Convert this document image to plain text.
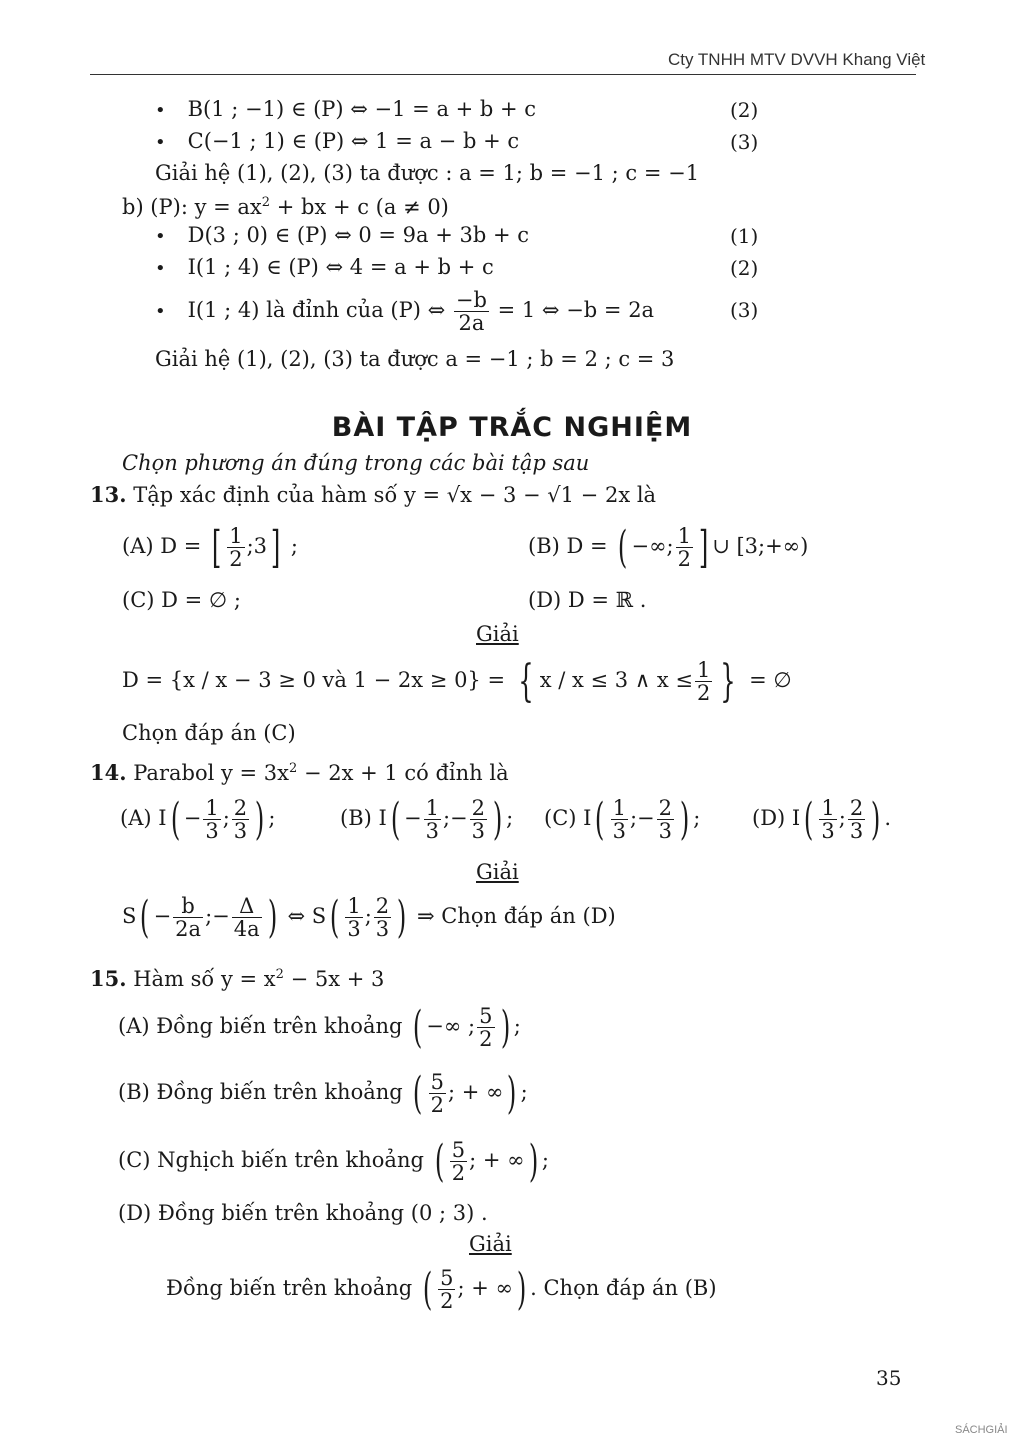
Cty TNHH MTV DVVH Khang Việt
• B(1 ; −1) ∈ (P) ⇔ −1 = a + b + c	(2)
• C(−1 ; 1) ∈ (P) ⇔ 1 = a − b + c	(3)
Giải hệ (1), (2), (3) ta được : a = 1; b = −1 ; c = −1
b) (P): $y = ax^2$ + bx + c (a ≠ 0)
• D(3 ; 0) ∈ (P) ⇔ 0 = 9a + 3b + c	(1)
• I(1 ; 4) ∈ (P) ⇔ 4 = a + b + c	(2)
• I(1 ; 4) là đỉnh của (P) ⇔ $\frac{-b}{2a} = 1$ ⇔ −b = 2a	(3)
Giải hệ (1), (2), (3) ta được a = −1 ; b = 2 ; c = 3
BÀI TẬP TRẮC NGHIỆM
Chọn phương án đúng trong các bài tập sau
13. Tập xác định của hàm số y = √x − 3 − √1 − 2x là
(A) D = [ $\frac{1}{2}$ ;3] ;	(B) D = ( −∞; $\frac{1}{2}$ ] ∪ [3;+∞)
(C) D = ∅ ;	(D) D = ℝ .
Giải
D = {x / x − 3 ≥ 0 và 1 − 2x ≥ 0} = { x / x ≤ 3 ∧ $x \le \frac{1}{2}$ } = ∅
Chọn đáp án (C)
14. Parabol $y = 3x^2 - 2x + 1$ có đỉnh là
(A) $I( - \frac{1}{3}$ ; $\frac{2}{3}$ ) ;	(B) $I( - \frac{1}{3}$ ;− $\frac{2}{3}$ ) ; (C) $I( \frac{1}{3}$ ;− $\frac{2}{3}$ ) ; (D) $I( \frac{1}{3}$ ; $\frac{2}{3}$ ) .
Giải
$S( - \frac{b}{2a}$ ;− $\frac{\Delta}{4a}$ ) ⇔ $S( \frac{1}{3}$ ; $\frac{2}{3}$ ) ⇒ Chọn đáp án (D)
15. Hàm số $y = x^2 - 5x + 3$
(A) Đồng biến trên khoảng ( −∞ ; $\frac{5}{2}$ ) ;
(B) Đồng biến trên khoảng ( $\frac{5}{2}$ ; + ∞) ;
(C) Nghịch biến trên khoảng ( $\frac{5}{2}$ ; + ∞) ;
(D) Đồng biến trên khoảng (0 ; 3) .
Giải
Đồng biến trên khoảng ( $\frac{5}{2}$ ; + ∞) . Chọn đáp án (B)
35
SÁCHGIẢI
